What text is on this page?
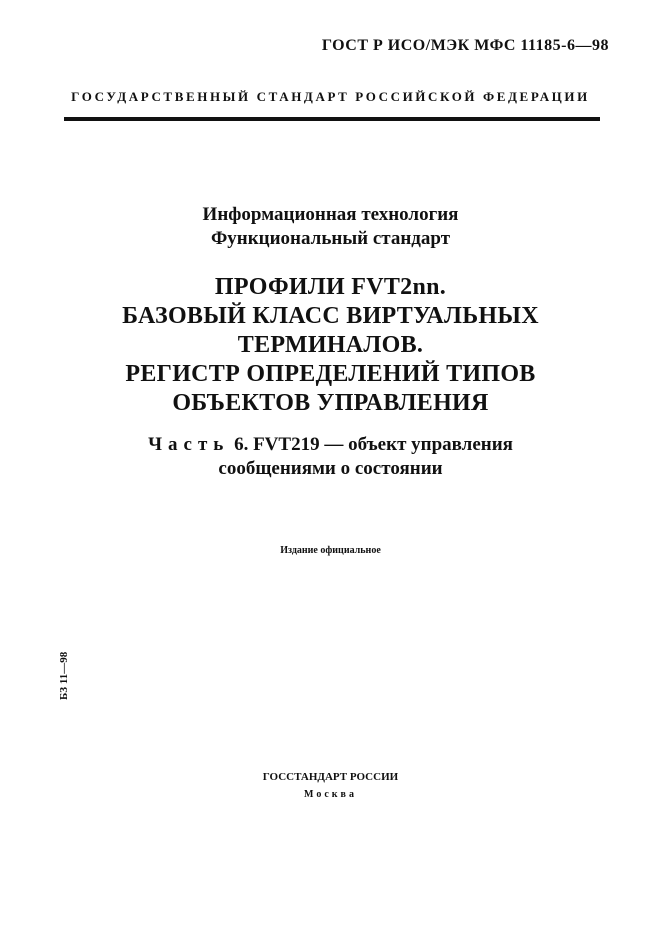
ГОСТ Р ИСО/МЭК МФС 11185-6—98
ГОСУДАРСТВЕННЫЙ СТАНДАРТ РОССИЙСКОЙ ФЕДЕРАЦИИ
Информационная технология
Функциональный стандарт
ПРОФИЛИ FVT2nn.
БАЗОВЫЙ КЛАСС ВИРТУАЛЬНЫХ
ТЕРМИНАЛОВ.
РЕГИСТР ОПРЕДЕЛЕНИЙ ТИПОВ
ОБЪЕКТОВ УПРАВЛЕНИЯ
Часть 6. FVT219 — объект управления
сообщениями о состоянии
Издание официальное
БЗ 11—98
ГОССТАНДАРТ РОССИИ
Москва
